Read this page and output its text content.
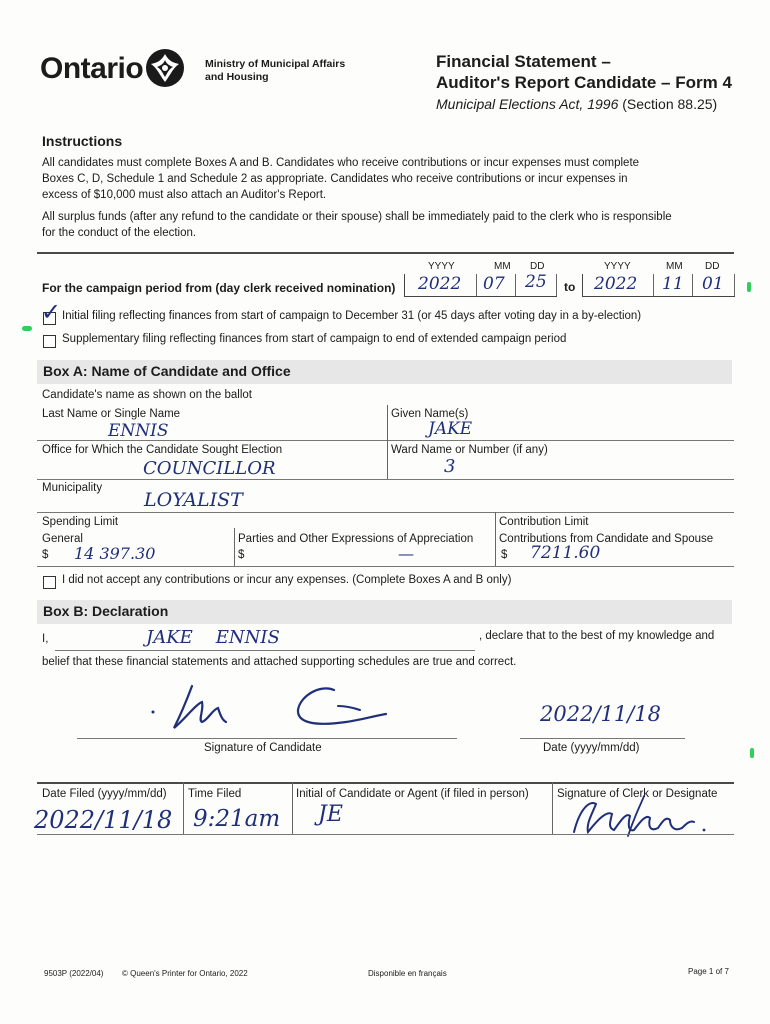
Ontario	Ministry of Municipal Affairs
and Housing
Financial Statement –
Auditor's Report Candidate – Form 4
Municipal Elections Act, 1996 (Section 88.25)
Instructions
All candidates must complete Boxes A and B. Candidates who receive contributions or incur expenses must complete
Boxes C, D, Schedule 1 and Schedule 2 as appropriate. Candidates who receive contributions or incur expenses in
excess of $10,000 must also attach an Auditor's Report.
All surplus funds (after any refund to the candidate or their spouse) shall be immediately paid to the clerk who is responsible
for the conduct of the election.
YYYY	MM DD	YYYY	MM DD
For the campaign period from (day clerk received nomination) 2022 07 25 to 2022 11 01
✓ Initial filing reflecting finances from start of campaign to December 31 (or 45 days after voting day in a by-election)
Supplementary filing reflecting finances from start of campaign to end of extended campaign period
Box A: Name of Candidate and Office
Candidate's name as shown on the ballot
Last Name or Single Name
ENNIS
Given Name(s)
JAKE
Office for Which the Candidate Sought Election
COUNCILLOR
Ward Name or Number (if any)
3
Municipality
LOYALIST
Spending Limit
General
$ 14 397.30
Parties and Other Expressions of Appreciation
$	—
Contribution Limit
Contributions from Candidate and Spouse
$ 7211.60
I did not accept any contributions or incur any expenses. (Complete Boxes A and B only)
Box B: Declaration
I,	JAKE    ENNIS	, declare that to the best of my knowledge and
belief that these financial statements and attached supporting schedules are true and correct.
Signature of Candidate
2022/11/18
Date (yyyy/mm/dd)
Date Filed (yyyy/mm/dd)
2022/11/18
Time Filed
9:21am
Initial of Candidate or Agent (if filed in person)
JE
Signature of Clerk or Designate
9503P (2022/04) © Queen's Printer for Ontario, 2022	Disponible en français	Page 1 of 7
